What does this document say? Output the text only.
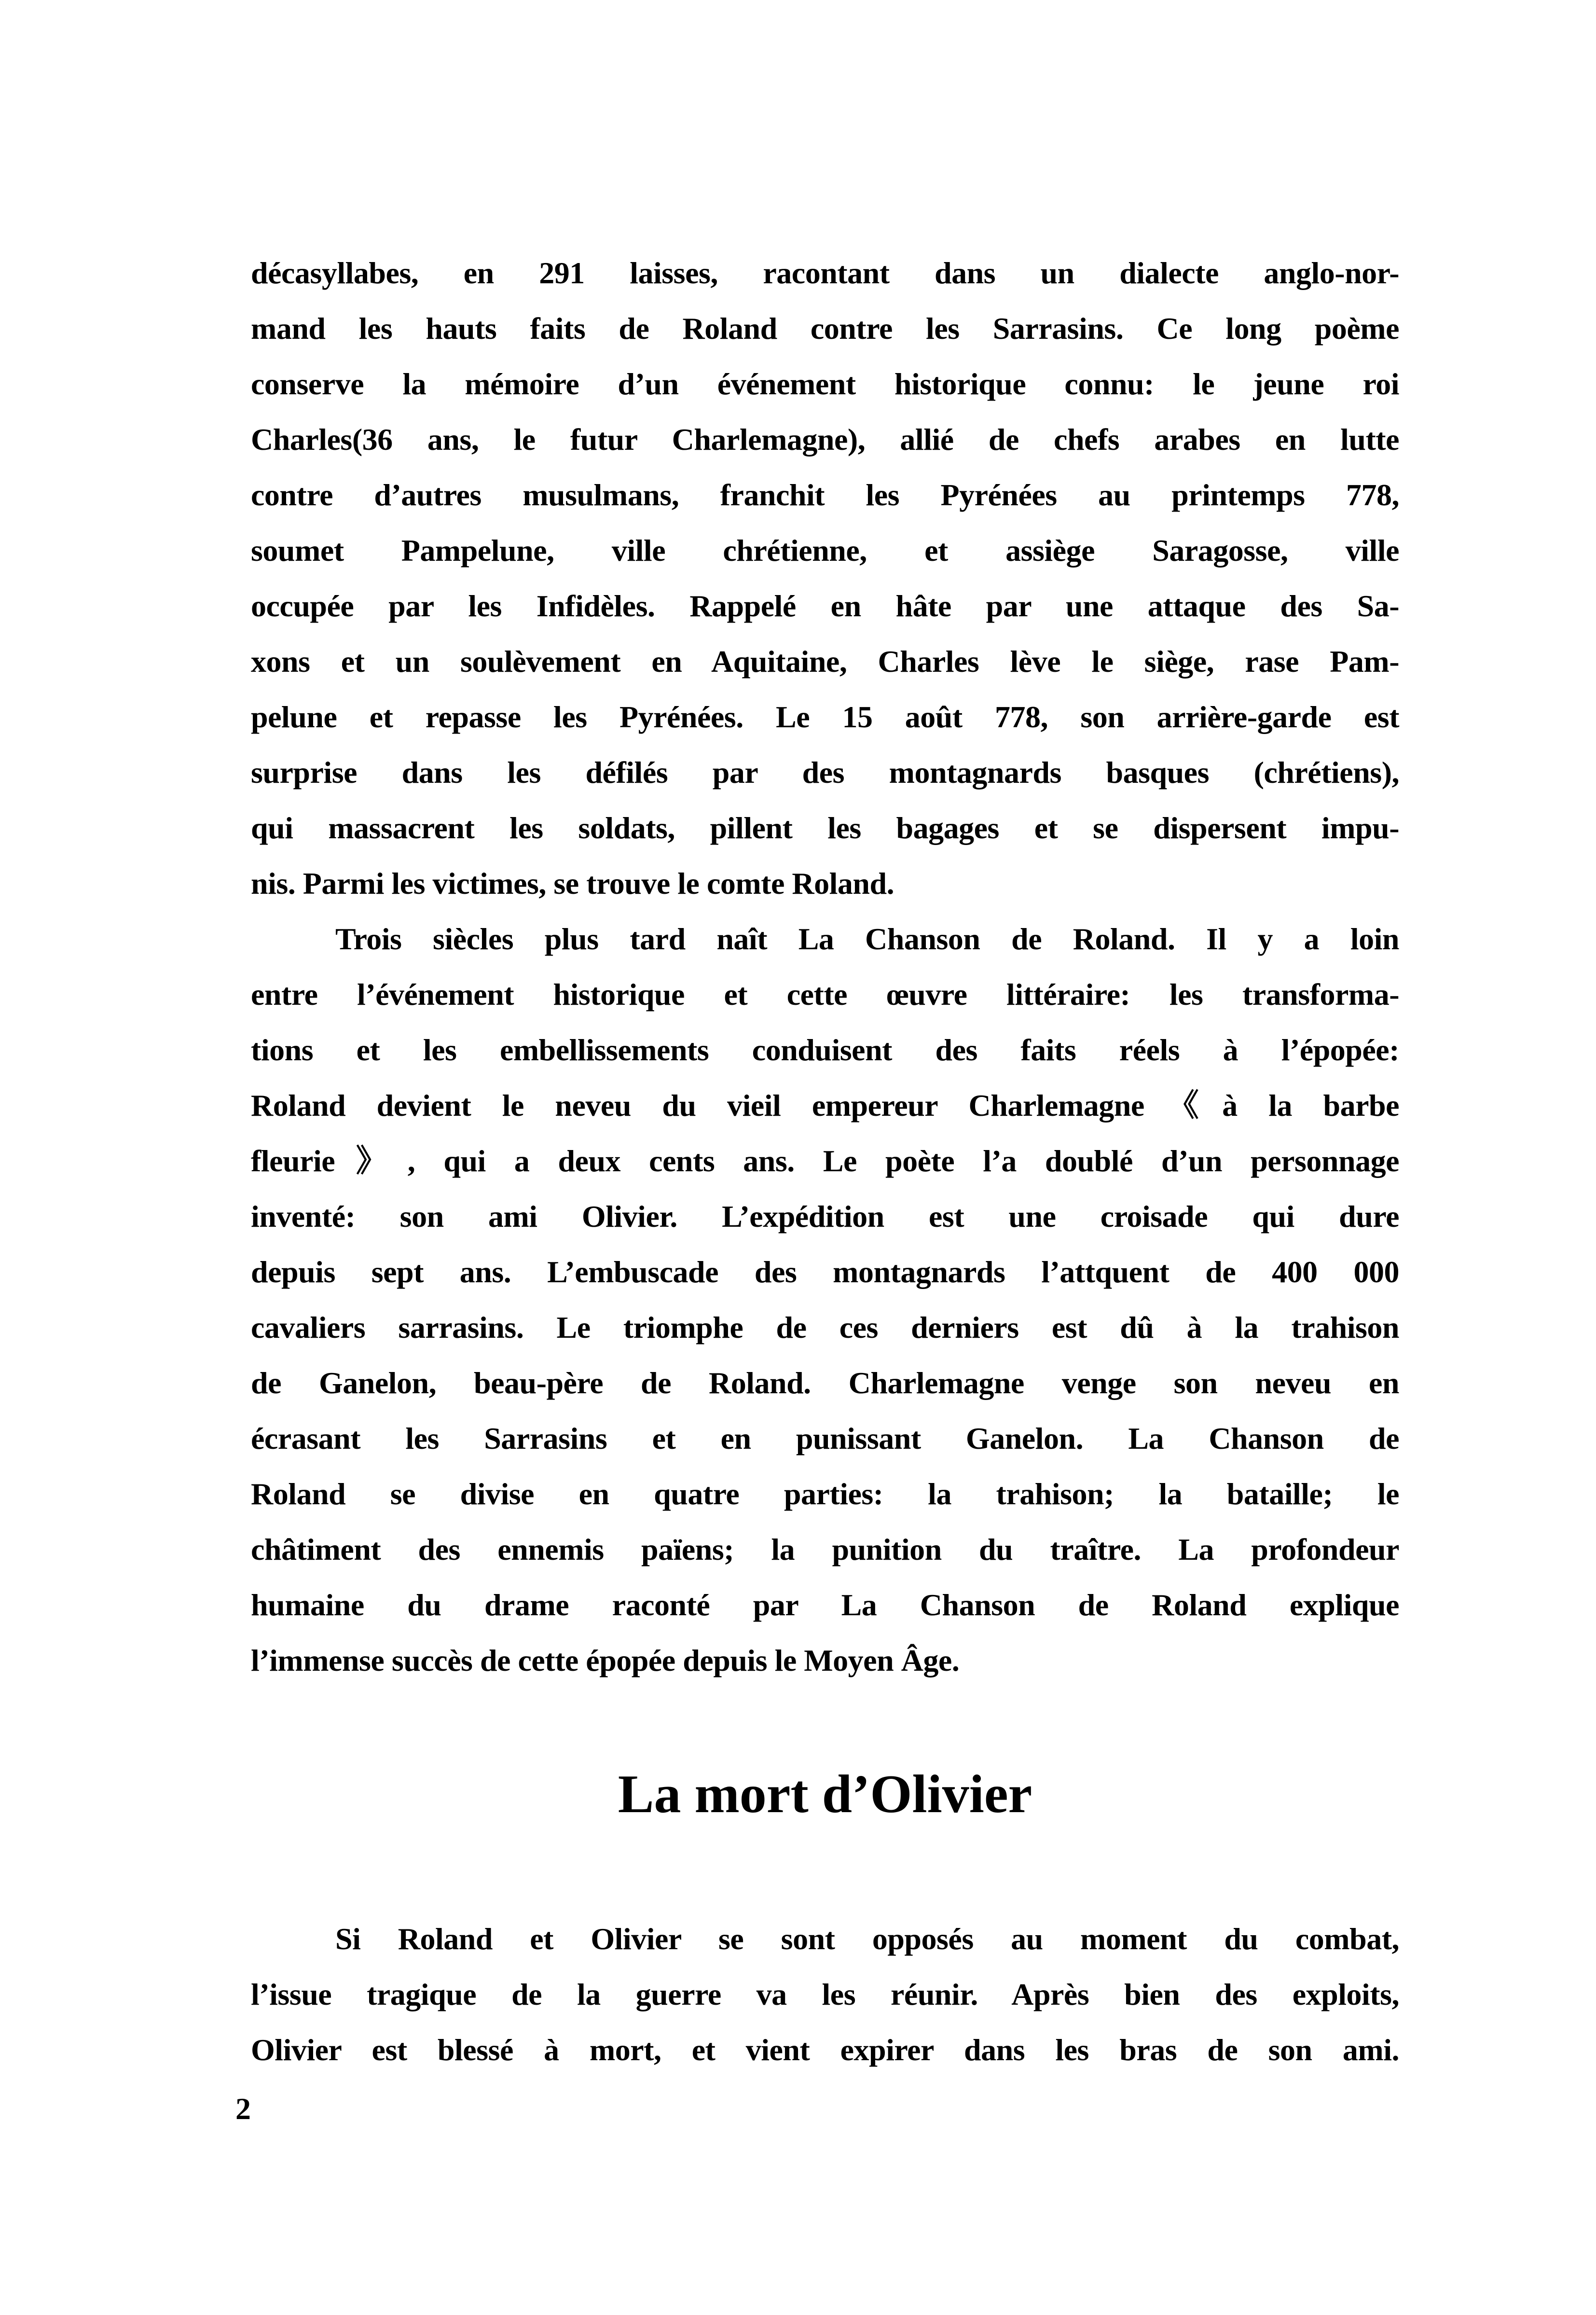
décasyllabes, en 291 laisses, racontant dans un dialecte anglo-nor-
mand les hauts faits de Roland contre les Sarrasins. Ce long poème
conserve la mémoire d’un événement historique connu: le jeune roi
Charles(36 ans, le futur Charlemagne), allié de chefs arabes en lutte
contre d’autres musulmans, franchit les Pyrénées au printemps 778,
soumet Pampelune, ville chrétienne, et assiège Saragosse, ville
occupée par les Infidèles. Rappelé en hâte par une attaque des Sa-
xons et un soulèvement en Aquitaine, Charles lève le siège, rase Pam-
pelune et repasse les Pyrénées. Le 15 août 778, son arrière-garde est
surprise dans les défilés par des montagnards basques (chrétiens),
qui massacrent les soldats, pillent les bagages et se dispersent impu-
nis. Parmi les victimes, se trouve le comte Roland.
Trois siècles plus tard naît La Chanson de Roland. Il y a loin
entre l’événement historique et cette œuvre littéraire: les transforma-
tions et les embellissements conduisent des faits réels à l’épopée:
Roland devient le neveu du vieil empereur Charlemagne《à la barbe
fleurie》, qui a deux cents ans. Le poète l’a doublé d’un personnage
inventé: son ami Olivier. L’expédition est une croisade qui dure
depuis sept ans. L’embuscade des montagnards l’attquent de 400 000
cavaliers sarrasins. Le triomphe de ces derniers est dû à la trahison
de Ganelon, beau-père de Roland. Charlemagne venge son neveu en
écrasant les Sarrasins et en punissant Ganelon. La Chanson de
Roland se divise en quatre parties: la trahison; la bataille; le
châtiment des ennemis païens; la punition du traître. La profondeur
humaine du drame raconté par La Chanson de Roland explique
l’immense succès de cette épopée depuis le Moyen Âge.
La mort d’Olivier
Si Roland et Olivier se sont opposés au moment du combat,
l’issue tragique de la guerre va les réunir. Après bien des exploits,
Olivier est blessé à mort, et vient expirer dans les bras de son ami.
2
